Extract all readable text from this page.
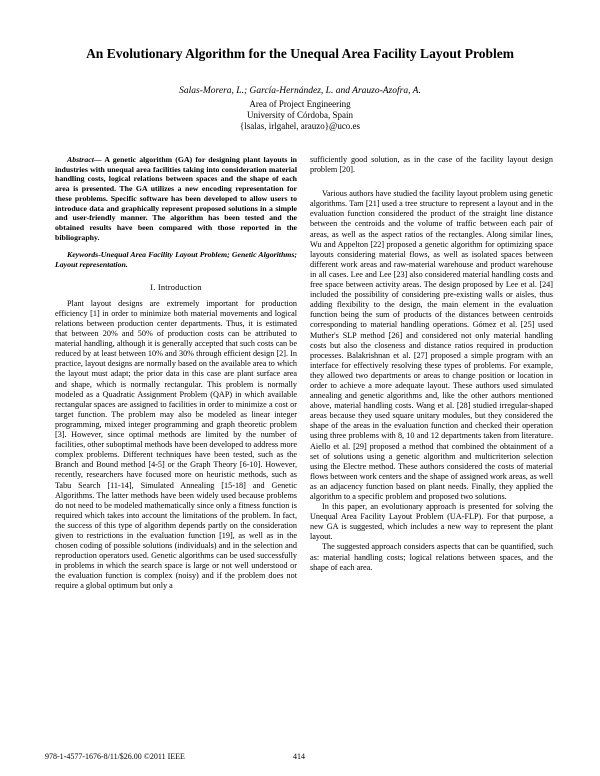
An Evolutionary Algorithm for the Unequal Area Facility Layout Problem
Salas-Morera, L.; García-Hernández, L. and Arauzo-Azofra, A.
Area of Project Engineering
University of Córdoba, Spain
{lsalas, irlgahel, arauzo}@uco.es

Abstract— A genetic algorithm (GA) for designing plant layouts in industries with unequal area facilities taking into consideration material handling costs, logical relations between spaces and the shape of each area is presented. The GA utilizes a new encoding representation for these problems. Specific software has been developed to allow users to introduce data and graphically represent proposed solutions in a simple and user-friendly manner. The algorithm has been tested and the obtained results have been compared with those reported in the bibliography.

Keywords-Unequal Area Facility Layout Problem; Genetic Algorithms; Layout representation.

I. Introduction

Plant layout designs are extremely important for production efficiency [1] in order to minimize both material movements and logical relations between production center departments. Thus, it is estimated that between 20% and 50% of production costs can be attributed to material handling, although it is generally accepted that such costs can be reduced by at least between 10% and 30% through efficient design [2]. In practice, layout designs are normally based on the available area to which the layout must adapt; the prior data in this case are plant surface area and shape, which is normally rectangular. This problem is normally modeled as a Quadratic Assignment Problem (QAP) in which available rectangular spaces are assigned to facilities in order to minimize a cost or target function. The problem may also be modeled as linear integer programming, mixed integer programming and graph theoretic problem [3]. However, since optimal methods are limited by the number of facilities, other suboptimal methods have been developed to address more complex problems. Different techniques have been tested, such as the Branch and Bound method [4-5] or the Graph Theory [6-10]. However, recently, researchers have focused more on heuristic methods, such as Tabu Search [11-14], Simulated Annealing [15-18] and Genetic Algorithms. The latter methods have been widely used because problems do not need to be modeled mathematically since only a fitness function is required which takes into account the limitations of the problem. In fact, the success of this type of algorithm depends partly on the consideration given to restrictions in the evaluation function [19], as well as in the chosen coding of possible solutions (individuals) and in the selection and reproduction operators used. Genetic algorithms can be used successfully in problems in which the search space is large or not well understood or the evaluation function is complex (noisy) and if the problem does not require a global optimum but only a

sufficiently good solution, as in the case of the facility layout design problem [20].

Various authors have studied the facility layout problem using genetic algorithms. Tam [21] used a tree structure to represent a layout and in the evaluation function considered the product of the straight line distance between the centroids and the volume of traffic between each pair of areas, as well as the aspect ratios of the rectangles. Along similar lines, Wu and Appelton [22] proposed a genetic algorithm for optimizing space layouts considering material flows, as well as isolated spaces between different work areas and raw-material warehouse and product warehouse in all cases. Lee and Lee [23] also considered material handling costs and free space between activity areas. The design proposed by Lee et al. [24] included the possibility of considering pre-existing walls or aisles, thus adding flexibility to the design, the main element in the evaluation function being the sum of products of the distances between centroids corresponding to material handling operations. Gómez et al. [25] used Muther's SLP method [26] and considered not only material handling costs but also the closeness and distance ratios required in production processes. Balakrishnan et al. [27] proposed a simple program with an interface for effectively resolving these types of problems. For example, they allowed two departments or areas to change position or location in order to achieve a more adequate layout. These authors used simulated annealing and genetic algorithms and, like the other authors mentioned above, material handling costs. Wang et al. [28] studied irregular-shaped areas because they used square unitary modules, but they considered the shape of the areas in the evaluation function and checked their operation using three problems with 8, 10 and 12 departments taken from literature. Aiello et al. [29] proposed a method that combined the obtainment of a set of solutions using a genetic algorithm and multicriterion selection using the Electre method. These authors considered the costs of material flows between work centers and the shape of assigned work areas, as well as an adjacency function based on plant needs. Finally, they applied the algorithm to a specific problem and proposed two solutions.

In this paper, an evolutionary approach is presented for solving the Unequal Area Facility Layout Problem (UA-FLP). For that purpose, a new GA is suggested, which includes a new way to represent the plant layout.

The suggested approach considers aspects that can be quantified, such as: material handling costs; logical relations between spaces, and the shape of each area.

978-1-4577-1676-8/11/$26.00 ©2011 IEEE	414
